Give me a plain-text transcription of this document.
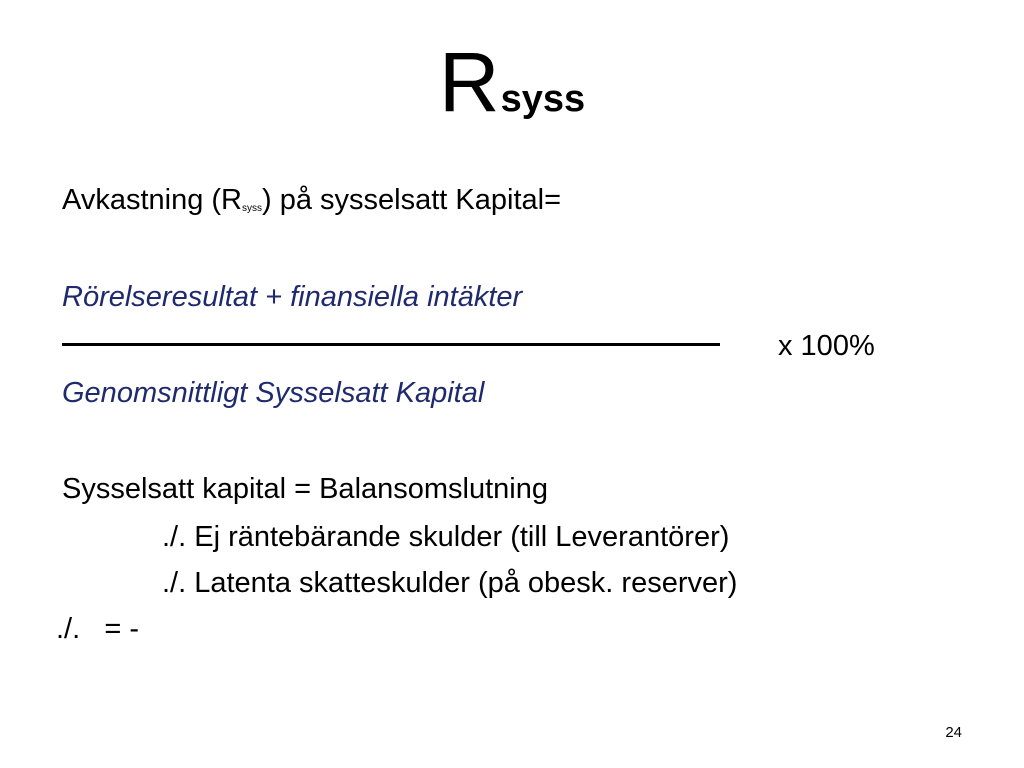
Rsyss
Avkastning (Rsyss) på sysselsatt Kapital=
Rörelseresultat + finansiella intäkter
x 100%
Genomsnittligt Sysselsatt Kapital
Sysselsatt kapital = Balansomslutning
./. Ej räntebärande skulder (till Leverantörer)
./. Latenta skatteskulder (på obesk. reserver)
./.   = -
24
